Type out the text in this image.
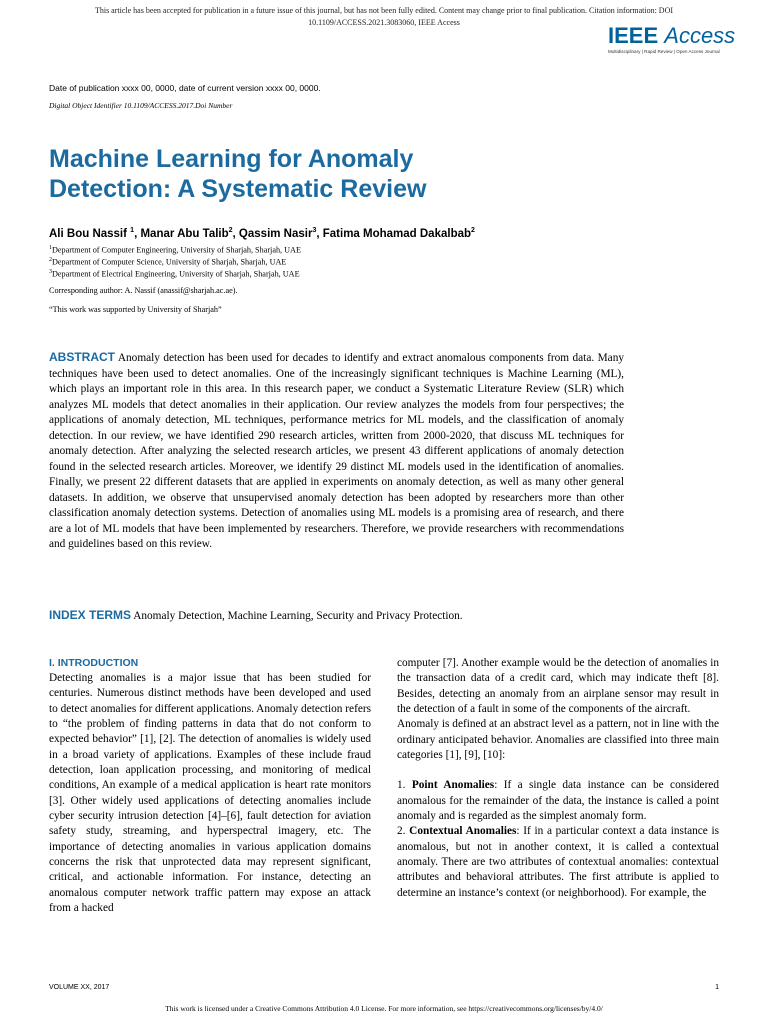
This article has been accepted for publication in a future issue of this journal, but has not been fully edited. Content may change prior to final publication. Citation information: DOI
10.1109/ACCESS.2021.3083060, IEEE Access
IEEE Access
Multidisciplinary | Rapid Review | Open Access Journal
Date of publication xxxx 00, 0000, date of current version xxxx 00, 0000.
Digital Object Identifier 10.1109/ACCESS.2017.Doi Number
Machine Learning for Anomaly
Detection: A Systematic Review
Ali Bou Nassif $^1$, Manar Abu Talib$^2$, Qassim Nasir$^3$, Fatima Mohamad Dakalbab$^2$
$^1$Department of Computer Engineering, University of Sharjah, Sharjah, UAE
$^2$Department of Computer Science, University of Sharjah, Sharjah, UAE
$^3$Department of Electrical Engineering, University of Sharjah, Sharjah, UAE
Corresponding author: A. Nassif (anassif@sharjah.ac.ae).
“This work was supported by University of Sharjah”
ABSTRACT Anomaly detection has been used for decades to identify and extract anomalous components from data. Many techniques have been used to detect anomalies. One of the increasingly significant techniques is Machine Learning (ML), which plays an important role in this area. In this research paper, we conduct a Systematic Literature Review (SLR) which analyzes ML models that detect anomalies in their application. Our review analyzes the models from four perspectives; the applications of anomaly detection, ML techniques, performance metrics for ML models, and the classification of anomaly detection. In our review, we have identified 290 research articles, written from 2000-2020, that discuss ML techniques for anomaly detection. After analyzing the selected research articles, we present 43 different applications of anomaly detection found in the selected research articles. Moreover, we identify 29 distinct ML models used in the identification of anomalies. Finally, we present 22 different datasets that are applied in experiments on anomaly detection, as well as many other general datasets. In addition, we observe that unsupervised anomaly detection has been adopted by researchers more than other classification anomaly detection systems. Detection of anomalies using ML models is a promising area of research, and there are a lot of ML models that have been implemented by researchers. Therefore, we provide researchers with recommendations and guidelines based on this review.
INDEX TERMS Anomaly Detection, Machine Learning, Security and Privacy Protection.
I. INTRODUCTION

Detecting anomalies is a major issue that has been studied for centuries. Numerous distinct methods have been developed and used to detect anomalies for different applications. Anomaly detection refers to “the problem of finding patterns in data that do not conform to expected behavior” [1], [2]. The detection of anomalies is widely used in a broad variety of applications. Examples of these include fraud detection, loan application processing, and monitoring of medical conditions, An example of a medical application is heart rate monitors [3]. Other widely used applications of detecting anomalies include cyber security intrusion detection [4]–[6], fault detection for aviation safety study, streaming, and hyperspectral imagery, etc. The importance of detecting anomalies in various application domains concerns the risk that unprotected data may represent significant, critical, and actionable information. For instance, detecting an anomalous computer network traffic pattern may expose an attack from a hacked

computer [7]. Another example would be the detection of anomalies in the transaction data of a credit card, which may indicate theft [8]. Besides, detecting an anomaly from an airplane sensor may result in the detection of a fault in some of the components of the aircraft.

Anomaly is defined at an abstract level as a pattern, not in line with the ordinary anticipated behavior. Anomalies are classified into three main categories [1], [9], [10]:

1. Point Anomalies: If a single data instance can be considered anomalous for the remainder of the data, the instance is called a point anomaly and is regarded as the simplest anomaly form.

2. Contextual Anomalies: If in a particular context a data instance is anomalous, but not in another context, it is called a contextual anomaly. There are two attributes of contextual anomalies: contextual attributes and behavioral attributes. The first attribute is applied to determine an instance’s context (or neighborhood). For example, the

VOLUME XX, 2017	1
This work is licensed under a Creative Commons Attribution 4.0 License. For more information, see https://creativecommons.org/licenses/by/4.0/
